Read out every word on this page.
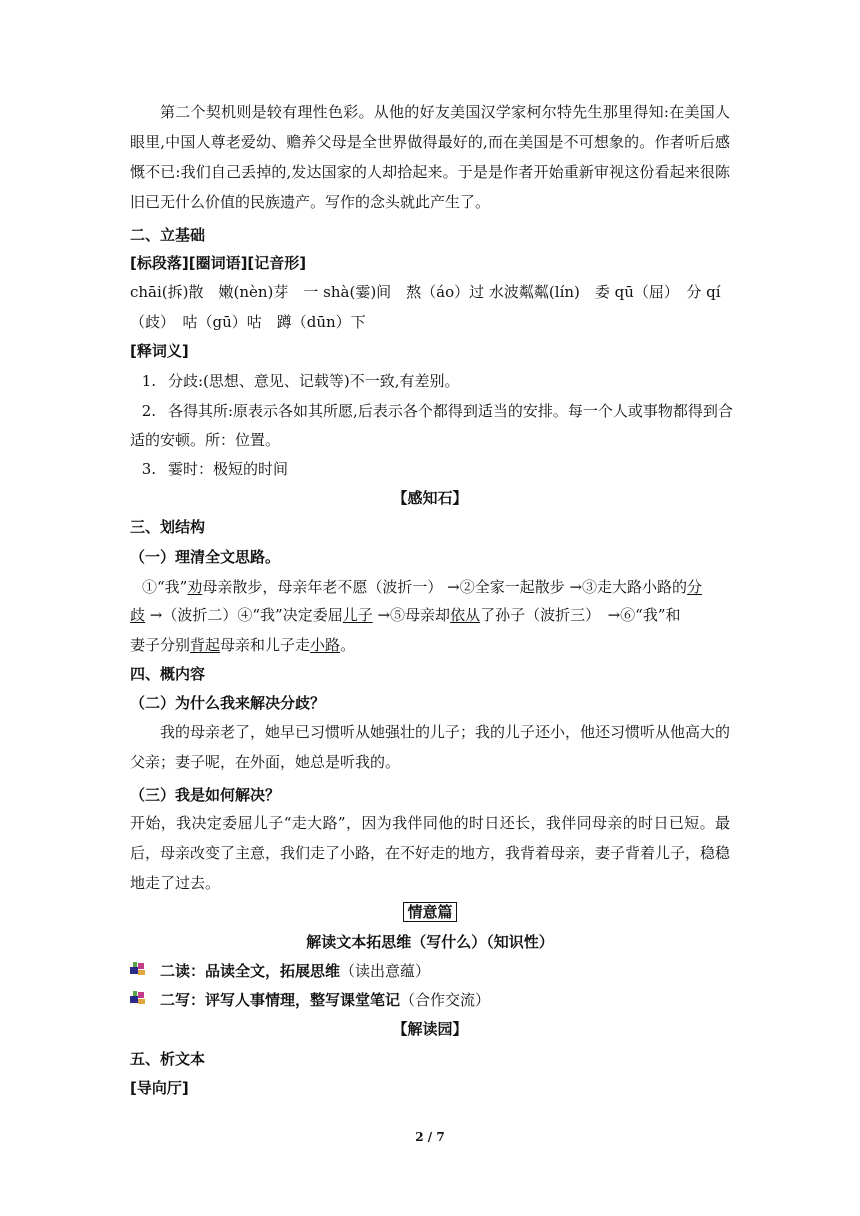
第二个契机则是较有理性色彩。从他的好友美国汉学家柯尔特先生那里得知:在美国人眼里,中国人尊老爱幼、赡养父母是全世界做得最好的,而在美国是不可想象的。作者听后感慨不已:我们自己丢掉的,发达国家的人却拾起来。于是是作者开始重新审视这份看起来很陈旧已无什么价值的民族遗产。写作的念头就此产生了。
二、立基础
[标段落][圈词语][记音形]
chāi(拆)散　嫩(nèn)芽　一 shà(霎)间　熬（áo）过 水波粼粼(lín)　委 qū（屈）　分 qí
（歧）　咕（gū）咕　蹲（dūn）下
[释词义]
1. 分歧:(思想、意见、记载等)不一致,有差别。
2. 各得其所:原表示各如其所愿,后表示各个都得到适当的安排。每一个人或事物都得到合
适的安顿。所：位置。
3. 霎时：极短的时间
【感知石】
三、划结构
（一）理清全文思路。
①“我”劝母亲散步，母亲年老不愿（波折一） →②全家一起散步 →③走大路小路的分
歧 →（波折二）④“我”决定委屈儿子 →⑤母亲却依从了孙子（波折三）　→⑥“我”和
妻子分别背起母亲和儿子走小路。
四、概内容
（二）为什么我来解决分歧？
我的母亲老了，她早已习惯听从她强壮的儿子；我的儿子还小，他还习惯听从他高大的父亲；妻子呢，在外面，她总是听我的。
（三）我是如何解决？
开始，我决定委屈儿子“走大路”，因为我伴同他的时日还长，我伴同母亲的时日已短。最后，母亲改变了主意，我们走了小路，在不好走的地方，我背着母亲，妻子背着儿子，稳稳地走了过去。
情意篇
解读文本拓思维（写什么）（知识性）
二读：品读全文，拓展思维（读出意蕴）
二写：评写人事情理，整写课堂笔记（合作交流）
【解读园】
五、析文本
[导向厅]
2 / 7
